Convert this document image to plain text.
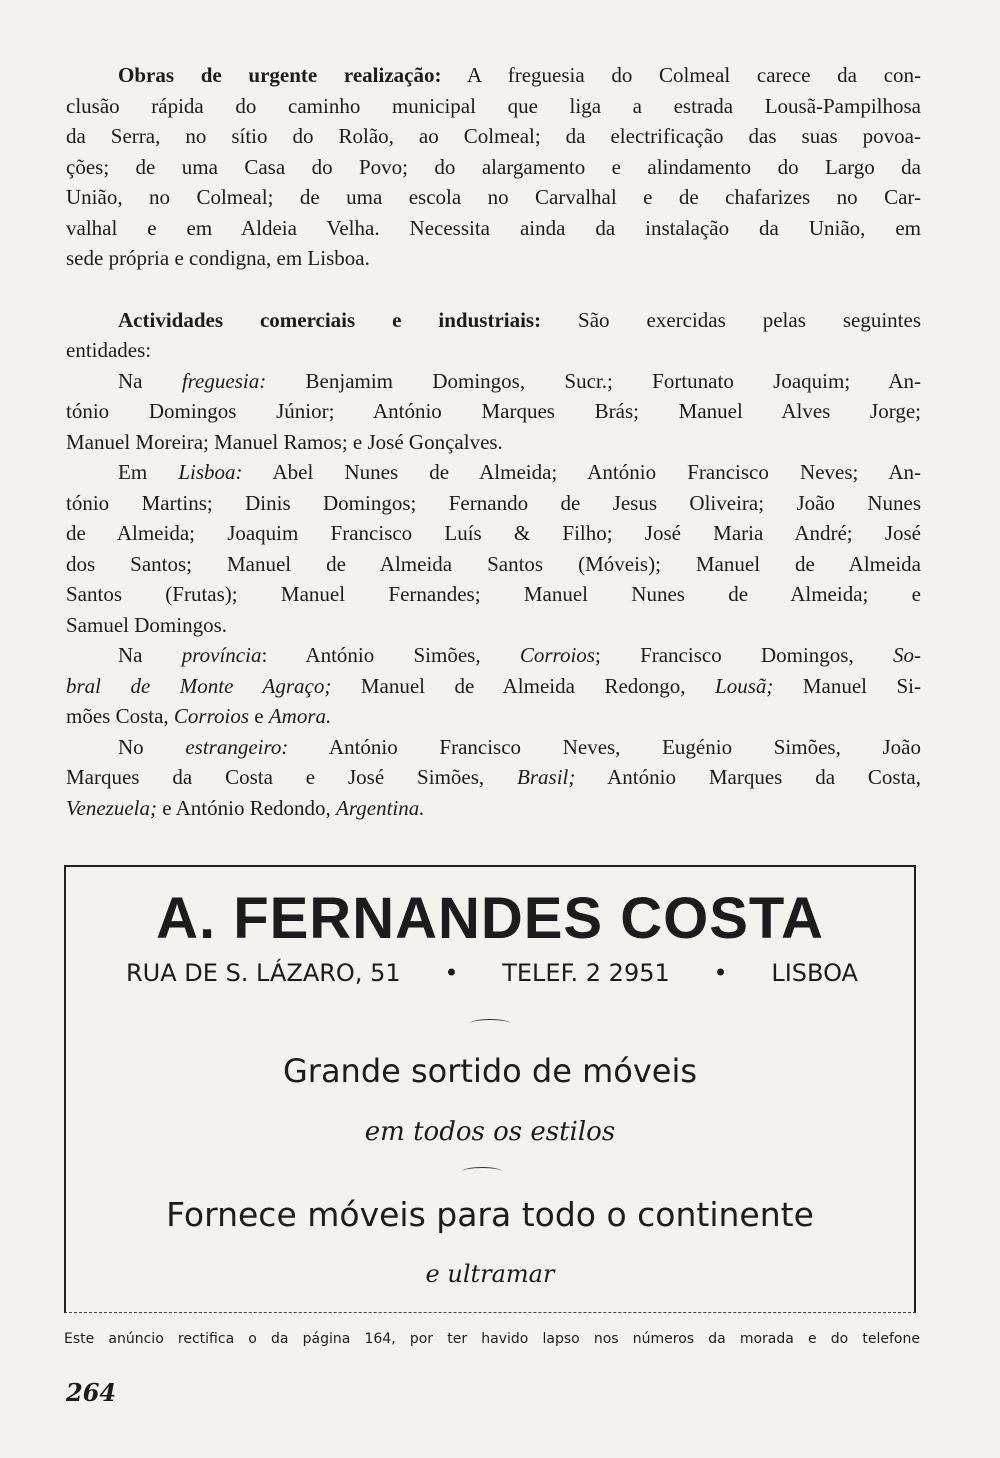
Obras de urgente realização: A freguesia do Colmeal carece da con-
clusão rápida do caminho municipal que liga a estrada Lousã-Pampilhosa
da Serra, no sítio do Rolão, ao Colmeal; da electrificação das suas povoa-
ções; de uma Casa do Povo; do alargamento e alindamento do Largo da
União, no Colmeal; de uma escola no Carvalhal e de chafarizes no Car-
valhal e em Aldeia Velha. Necessita ainda da instalação da União, em
sede própria e condigna, em Lisboa.
Actividades comerciais e industriais: São exercidas pelas seguintes
entidades:
Na freguesia: Benjamim Domingos, Sucr.; Fortunato Joaquim; An-
tónio Domingos Júnior; António Marques Brás; Manuel Alves Jorge;
Manuel Moreira; Manuel Ramos; e José Gonçalves.
Em Lisboa: Abel Nunes de Almeida; António Francisco Neves; An-
tónio Martins; Dinis Domingos; Fernando de Jesus Oliveira; João Nunes
de Almeida; Joaquim Francisco Luís & Filho; José Maria André; José
dos Santos; Manuel de Almeida Santos (Móveis); Manuel de Almeida
Santos (Frutas); Manuel Fernandes; Manuel Nunes de Almeida; e
Samuel Domingos.
Na província: António Simões, Corroios; Francisco Domingos, So-
bral de Monte Agraço; Manuel de Almeida Redongo, Lousã; Manuel Si-
mões Costa, Corroios e Amora.
No estrangeiro: António Francisco Neves, Eugénio Simões, João
Marques da Costa e José Simões, Brasil; António Marques da Costa,
Venezuela; e António Redondo, Argentina.
A. FERNANDES COSTA
RUA DE S. LÁZARO, 51 • TELEF. 2 2951 • LISBOA
Grande sortido de móveis
em todos os estilos
Fornece móveis para todo o continente
e ultramar
Este anúncio rectifica o da página 164, por ter havido lapso nos números da morada e do telefone
264
